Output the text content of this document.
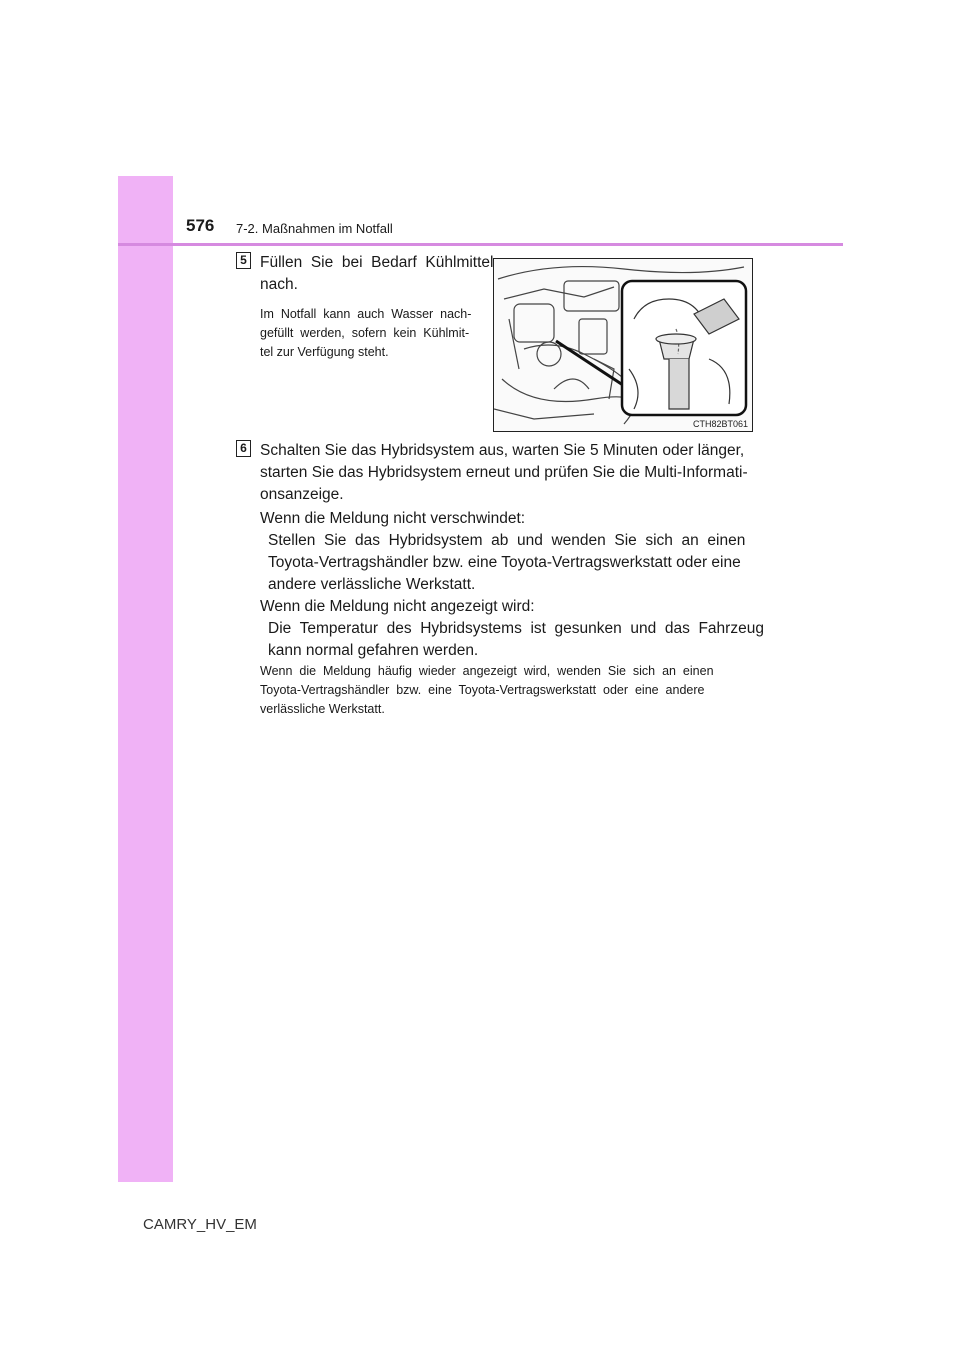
576 7-2. Maßnahmen im Notfall
5 Füllen  Sie  bei  Bedarf  Kühlmittel
nach.
Im  Notfall  kann  auch  Wasser  nach-
gefüllt  werden,  sofern  kein  Kühlmit-
tel zur Verfügung steht.
CTH82BT061
6 Schalten Sie das Hybridsystem aus, warten Sie 5 Minuten oder länger,
starten Sie das Hybridsystem erneut und prüfen Sie die Multi-Informati-
onsanzeige.
Wenn die Meldung nicht verschwindet:
Stellen  Sie  das  Hybridsystem  ab  und  wenden  Sie  sich  an  einen
Toyota-Vertragshändler bzw. eine Toyota-Vertragswerkstatt oder eine
andere verlässliche Werkstatt.
Wenn die Meldung nicht angezeigt wird:
Die  Temperatur  des  Hybridsystems  ist  gesunken  und  das  Fahrzeug
kann normal gefahren werden.
Wenn  die  Meldung  häufig  wieder  angezeigt  wird,  wenden  Sie  sich  an  einen
Toyota-Vertragshändler  bzw.  eine  Toyota-Vertragswerkstatt  oder  eine  andere
verlässliche Werkstatt.
CAMRY_HV_EM
